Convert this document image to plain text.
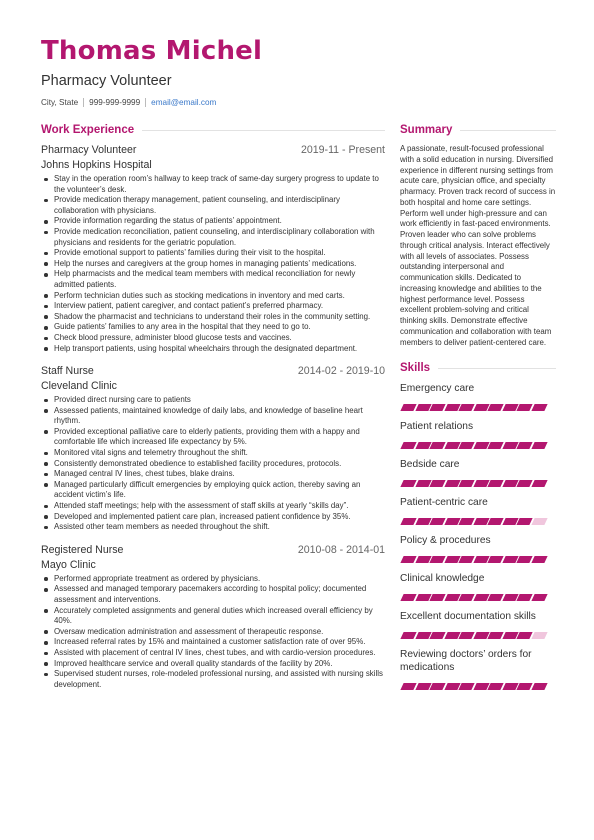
Thomas Michel
Pharmacy Volunteer
City, State 999-999-9999 email@email.com
Work Experience
Pharmacy Volunteer	2019-11 - Present
Johns Hopkins Hospital
Stay in the operation room’s hallway to keep track of same-day surgery progress to update to the volunteer’s desk.
Provide medication therapy management, patient counseling, and interdisciplinary collaboration with physicians.
Provide information regarding the status of patients’ appointment.
Provide medication reconciliation, patient counseling, and interdisciplinary collaboration with physicians and residents for the geriatric population.
Provide emotional support to patients’ families during their visit to the hospital.
Help the nurses and caregivers at the group homes in managing patients’ medications.
Help pharmacists and the medical team members with medical reconciliation for newly admitted patients.
Perform technician duties such as stocking medications in inventory and med carts.
Interview patient, patient caregiver, and contact patient’s preferred pharmacy.
Shadow the pharmacist and technicians to understand their roles in the community setting.
Guide patients’ families to any area in the hospital that they need to go to.
Check blood pressure, administer blood glucose tests and vaccines.
Help transport patients, using hospital wheelchairs through the designated department.
Staff Nurse	2014-02 - 2019-10
Cleveland Clinic
Provided direct nursing care to patients
Assessed patients, maintained knowledge of daily labs, and knowledge of baseline heart rhythm.
Provided exceptional palliative care to elderly patients, providing them with a happy and comfortable life which increased life expectancy by 5%.
Monitored vital signs and telemetry throughout the shift.
Consistently demonstrated obedience to established facility procedures, protocols.
Managed central IV lines, chest tubes, blake drains.
Managed particularly difficult emergencies by employing quick action, thereby saving an accident victim’s life.
Attended staff meetings; help with the assessment of staff skills at yearly “skills day”.
Developed and implemented patient care plan, increased patient confidence by 35%.
Assisted other team members as needed throughout the shift.
Registered Nurse	2010-08 - 2014-01
Mayo Clinic
Performed appropriate treatment as ordered by physicians.
Assessed and managed temporary pacemakers according to hospital policy; documented assessment and interventions.
Accurately completed assignments and general duties which increased overall efficiency by 40%.
Oversaw medication administration and assessment of therapeutic response.
Increased referral rates by 15% and maintained a customer satisfaction rate of over 95%.
Assisted with placement of central IV lines, chest tubes, and with cardio-version procedures.
Improved healthcare service and overall quality standards of the facility by 20%.
Supervised student nurses, role-modeled professional nursing, and assisted with nursing skills development.
Summary
A passionate, result-focused professional with a solid education in nursing. Diversified experience in different nursing settings from acute care, physician office, and specialty pharmacy. Proven track record of success in both hospital and home care settings. Perform well under high-pressure and can work efficiently in fast-paced environments. Proven leader who can solve problems through critical analysis. Interact effectively with all levels of associates. Possess outstanding interpersonal and communication skills. Dedicated to increasing knowledge and abilities to the highest performance level. Possess excellent problem-solving and critical thinking skills. Demonstrate effective communication and collaboration with team members to deliver patient-centered care.
Skills
Emergency care
Patient relations
Bedside care
Patient-centric care
Policy & procedures
Clinical knowledge
Excellent documentation skills
Reviewing doctors’ orders for medications
